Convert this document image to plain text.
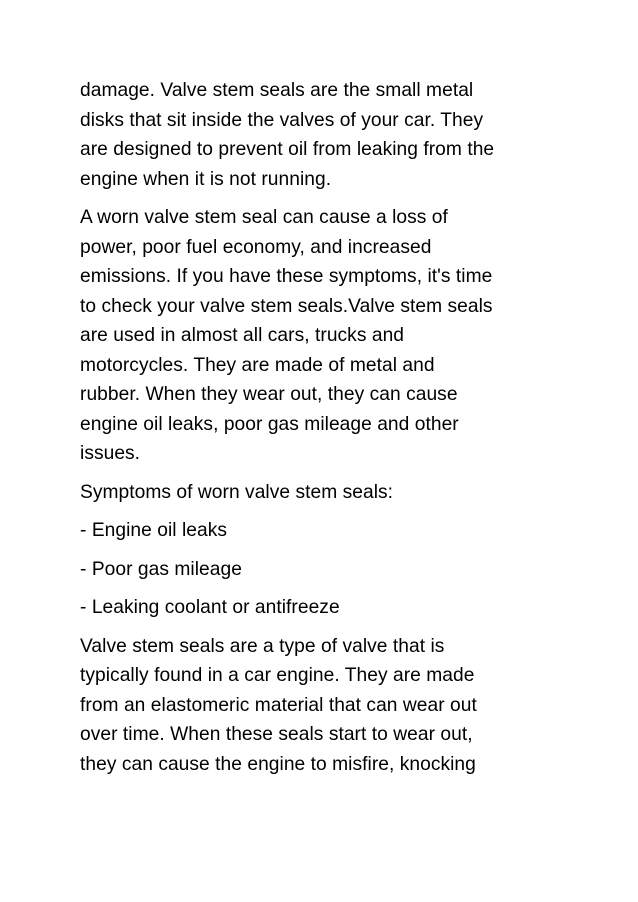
damage. Valve stem seals are the small metal
disks that sit inside the valves of your car. They
are designed to prevent oil from leaking from the
engine when it is not running.

A worn valve stem seal can cause a loss of
power, poor fuel economy, and increased
emissions. If you have these symptoms, it's time
to check your valve stem seals.Valve stem seals
are used in almost all cars, trucks and
motorcycles. They are made of metal and
rubber. When they wear out, they can cause
engine oil leaks, poor gas mileage and other
issues.

Symptoms of worn valve stem seals:

- Engine oil leaks

- Poor gas mileage

- Leaking coolant or antifreeze

Valve stem seals are a type of valve that is
typically found in a car engine. They are made
from an elastomeric material that can wear out
over time. When these seals start to wear out,
they can cause the engine to misfire, knocking
